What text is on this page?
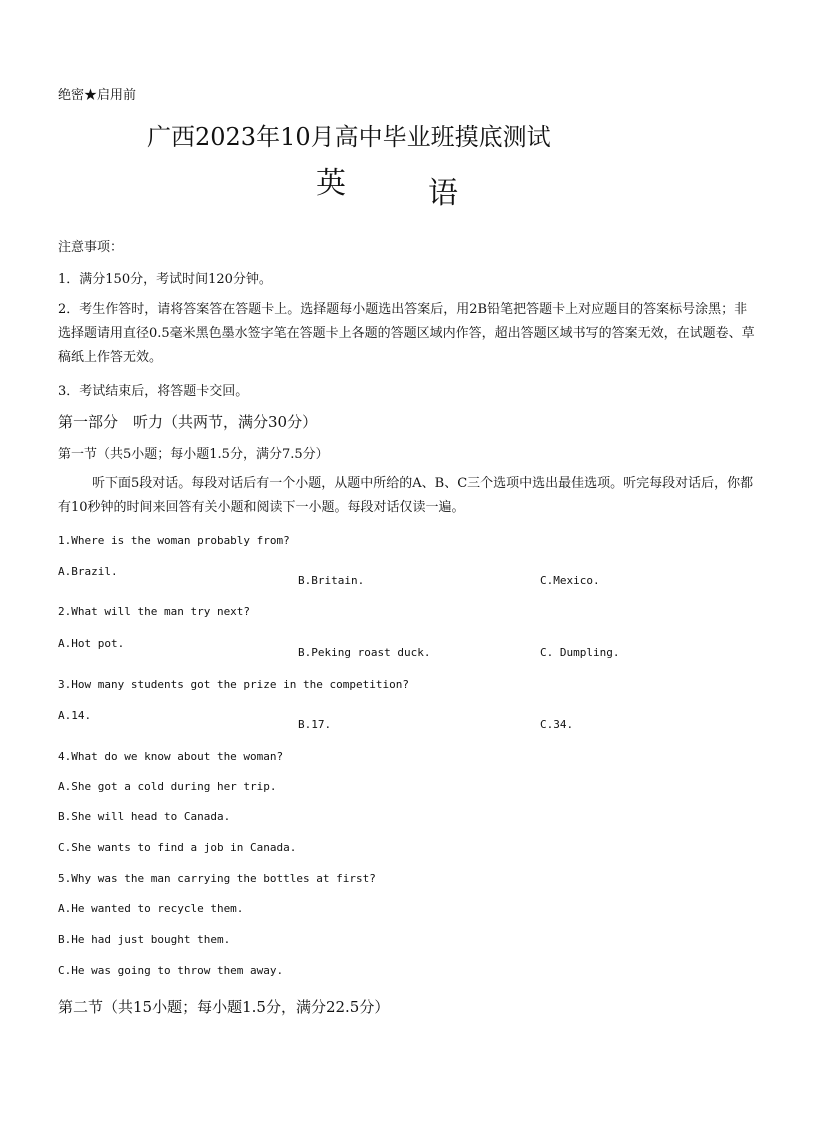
绝密★启用前
广西2023年10月高中毕业班摸底测试
英	语
注意事项：
1．满分150分，考试时间120分钟。
2．考生作答时，请将答案答在答题卡上。选择题每小题选出答案后，用2B铅笔把答题卡上对应题目的答案标号涂黑；非选择题请用直径0.5毫米黑色墨水签字笔在答题卡上各题的答题区域内作答，超出答题区域书写的答案无效，在试题卷、草稿纸上作答无效。
3．考试结束后，将答题卡交回。
第一部分　听力（共两节，满分30分）
第一节（共5小题；每小题1.5分，满分7.5分）
听下面5段对话。每段对话后有一个小题，从题中所给的A、B、C三个选项中选出最佳选项。听完每段对话后，你都有10秒钟的时间来回答有关小题和阅读下一小题。每段对话仅读一遍。
1.Where is the woman probably from?
A.Brazil.
B.Britain.	C.Mexico.
2.What will the man try next?
A.Hot pot.
B.Peking roast duck.	C. Dumpling.
3.How many students got the prize in the competition?
A.14.
B.17.	C.34.
4.What do we know about the woman?
A.She got a cold during her trip.
B.She will head to Canada.
C.She wants to find a job in Canada.
5.Why was the man carrying the bottles at first?
A.He wanted to recycle them.
B.He had just bought them.
C.He was going to throw them away.
第二节（共15小题；每小题1.5分，满分22.5分）
